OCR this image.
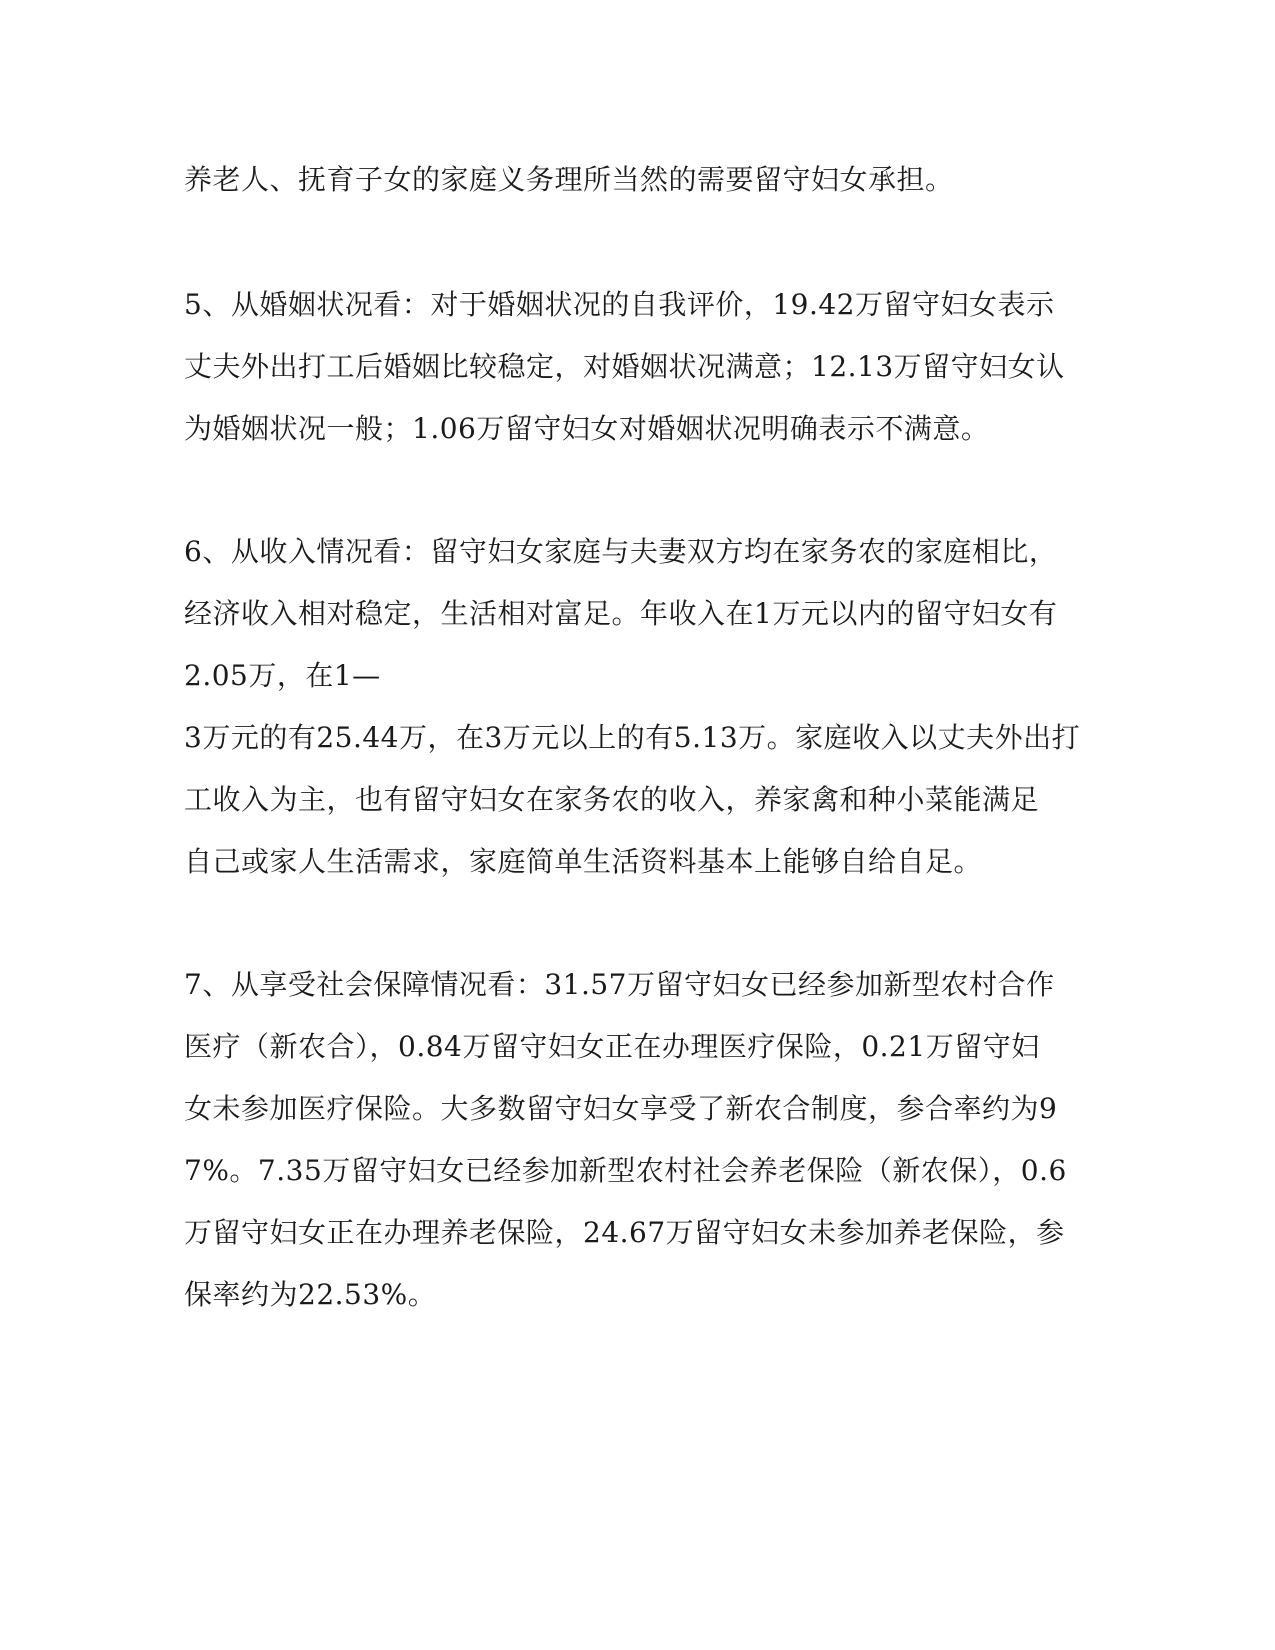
养老人、抚育子女的家庭义务理所当然的需要留守妇女承担。
5、从婚姻状况看：对于婚姻状况的自我评价，19.42万留守妇女表示
丈夫外出打工后婚姻比较稳定，对婚姻状况满意；12.13万留守妇女认
为婚姻状况一般；1.06万留守妇女对婚姻状况明确表示不满意。
6、从收入情况看：留守妇女家庭与夫妻双方均在家务农的家庭相比，
经济收入相对稳定，生活相对富足。年收入在1万元以内的留守妇女有
2.05万，在1—
3万元的有25.44万，在3万元以上的有5.13万。家庭收入以丈夫外出打
工收入为主，也有留守妇女在家务农的收入，养家禽和种小菜能满足
自己或家人生活需求，家庭简单生活资料基本上能够自给自足。
7、从享受社会保障情况看：31.57万留守妇女已经参加新型农村合作
医疗（新农合），0.84万留守妇女正在办理医疗保险，0.21万留守妇
女未参加医疗保险。大多数留守妇女享受了新农合制度，参合率约为9
7%。7.35万留守妇女已经参加新型农村社会养老保险（新农保），0.6
万留守妇女正在办理养老保险，24.67万留守妇女未参加养老保险，参
保率约为22.53%。
